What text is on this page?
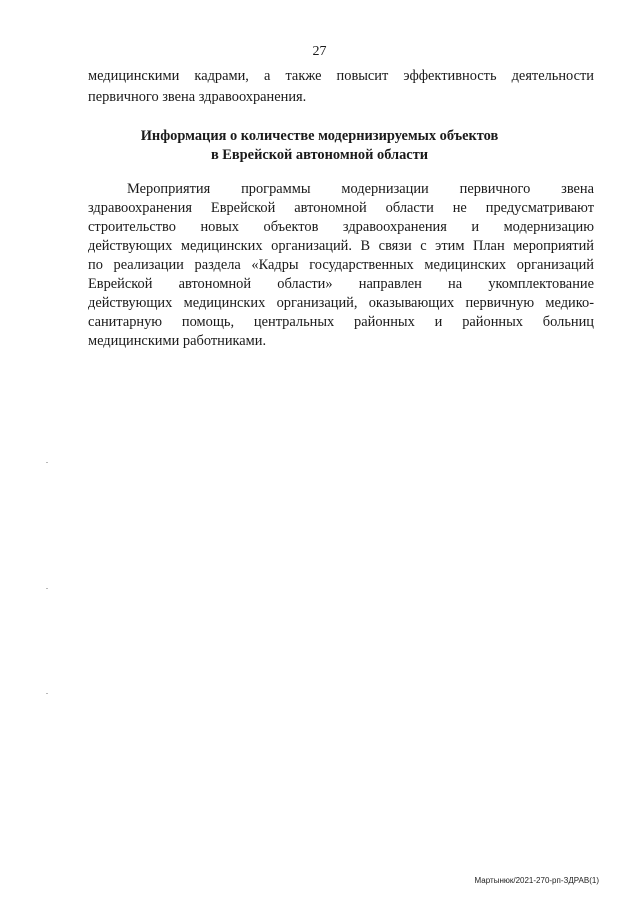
27
медицинскими кадрами, а также повысит эффективность деятельности
первичного звена здравоохранения.
Информация о количестве модернизируемых объектов
в Еврейской автономной области
Мероприятия программы модернизации первичного звена
здравоохранения Еврейской автономной области не предусматривают
строительство новых объектов здравоохранения и модернизацию
действующих медицинских организаций. В связи с этим План мероприятий
по реализации раздела «Кадры государственных медицинских организаций
Еврейской автономной области» направлен на укомплектование
действующих медицинских организаций, оказывающих первичную медико-
санитарную помощь, центральных районных и районных больниц
медицинскими работниками.
Мартынюк/2021-270-рп-ЗДРАВ(1)
